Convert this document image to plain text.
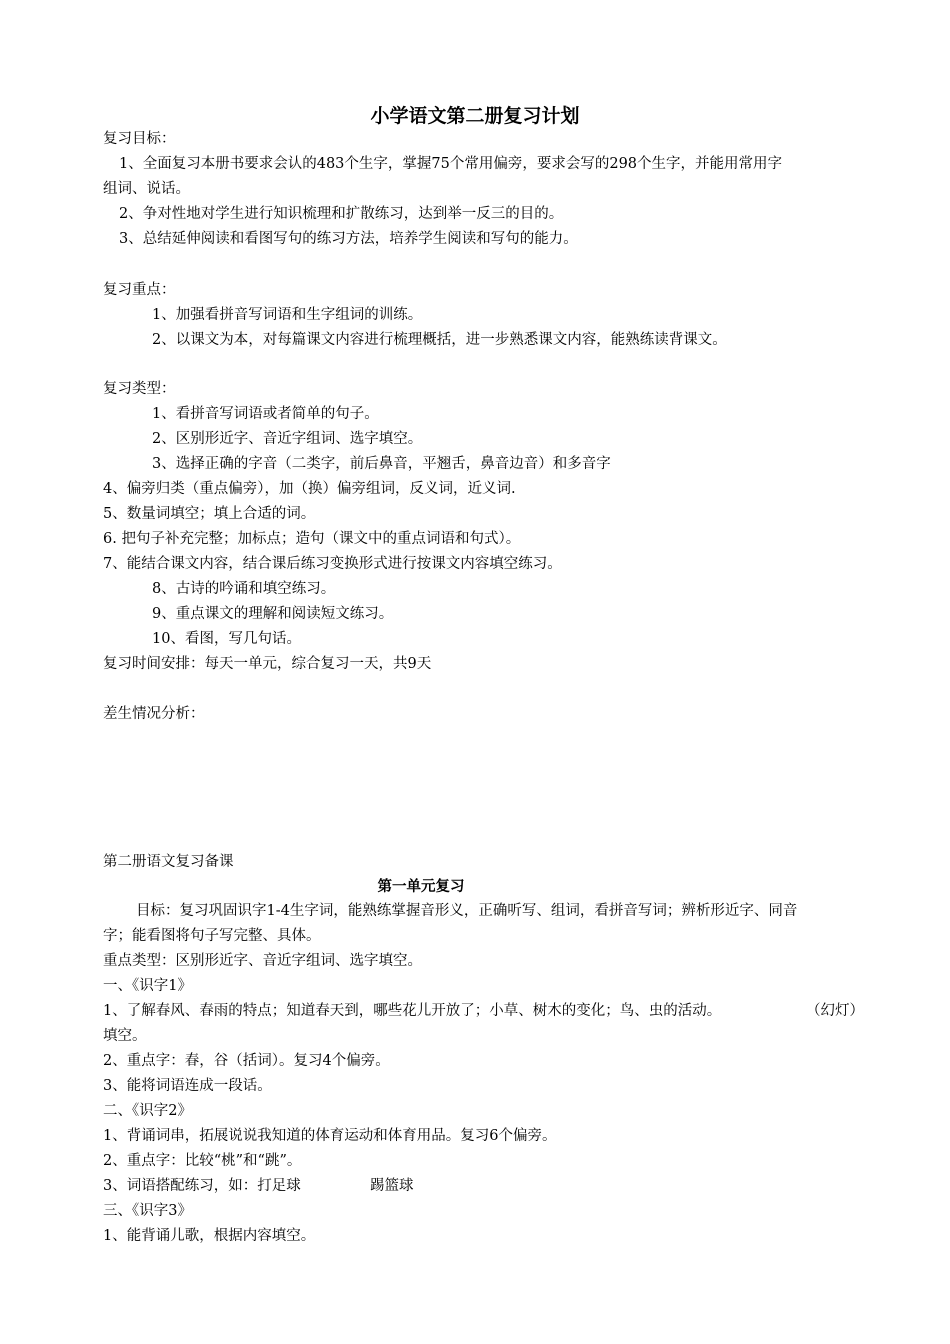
小学语文第二册复习计划
复习目标：
1、全面复习本册书要求会认的483个生字，掌握75个常用偏旁，要求会写的298个生字，并能用常用字
组词、说话。
2、争对性地对学生进行知识梳理和扩散练习，达到举一反三的目的。
3、总结延伸阅读和看图写句的练习方法，培养学生阅读和写句的能力。
复习重点：
1、加强看拼音写词语和生字组词的训练。
2、以课文为本，对每篇课文内容进行梳理概括，进一步熟悉课文内容，能熟练读背课文。
复习类型：
1、看拼音写词语或者简单的句子。
2、区别形近字、音近字组词、选字填空。
3、选择正确的字音（二类字，前后鼻音，平翘舌，鼻音边音）和多音字
4、偏旁归类（重点偏旁），加（换）偏旁组词，反义词，近义词.
5、数量词填空；填上合适的词。
6. 把句子补充完整；加标点；造句（课文中的重点词语和句式）。
7、能结合课文内容，结合课后练习变换形式进行按课文内容填空练习。
8、古诗的吟诵和填空练习。
9、重点课文的理解和阅读短文练习。
10、看图，写几句话。
复习时间安排：每天一单元，综合复习一天，共9天
差生情况分析：
第二册语文复习备课
第一单元复习
目标：复习巩固识字1-4生字词，能熟练掌握音形义，正确听写、组词，看拼音写词；辨析形近字、同音
字；能看图将句子写完整、具体。
重点类型：区别形近字、音近字组词、选字填空。
一、《识字1》
1、了解春风、春雨的特点；知道春天到，哪些花儿开放了；小草、树木的变化；鸟、虫的活动。	（幻灯）
填空。
2、重点字：春，谷（括词）。复习4个偏旁。
3、能将词语连成一段话。
二、《识字2》
1、背诵词串，拓展说说我知道的体育运动和体育用品。复习6个偏旁。
2、重点字：比较“桃”和“跳”。
3、词语搭配练习，如：打足球	踢篮球
三、《识字3》
1、能背诵儿歌，根据内容填空。
